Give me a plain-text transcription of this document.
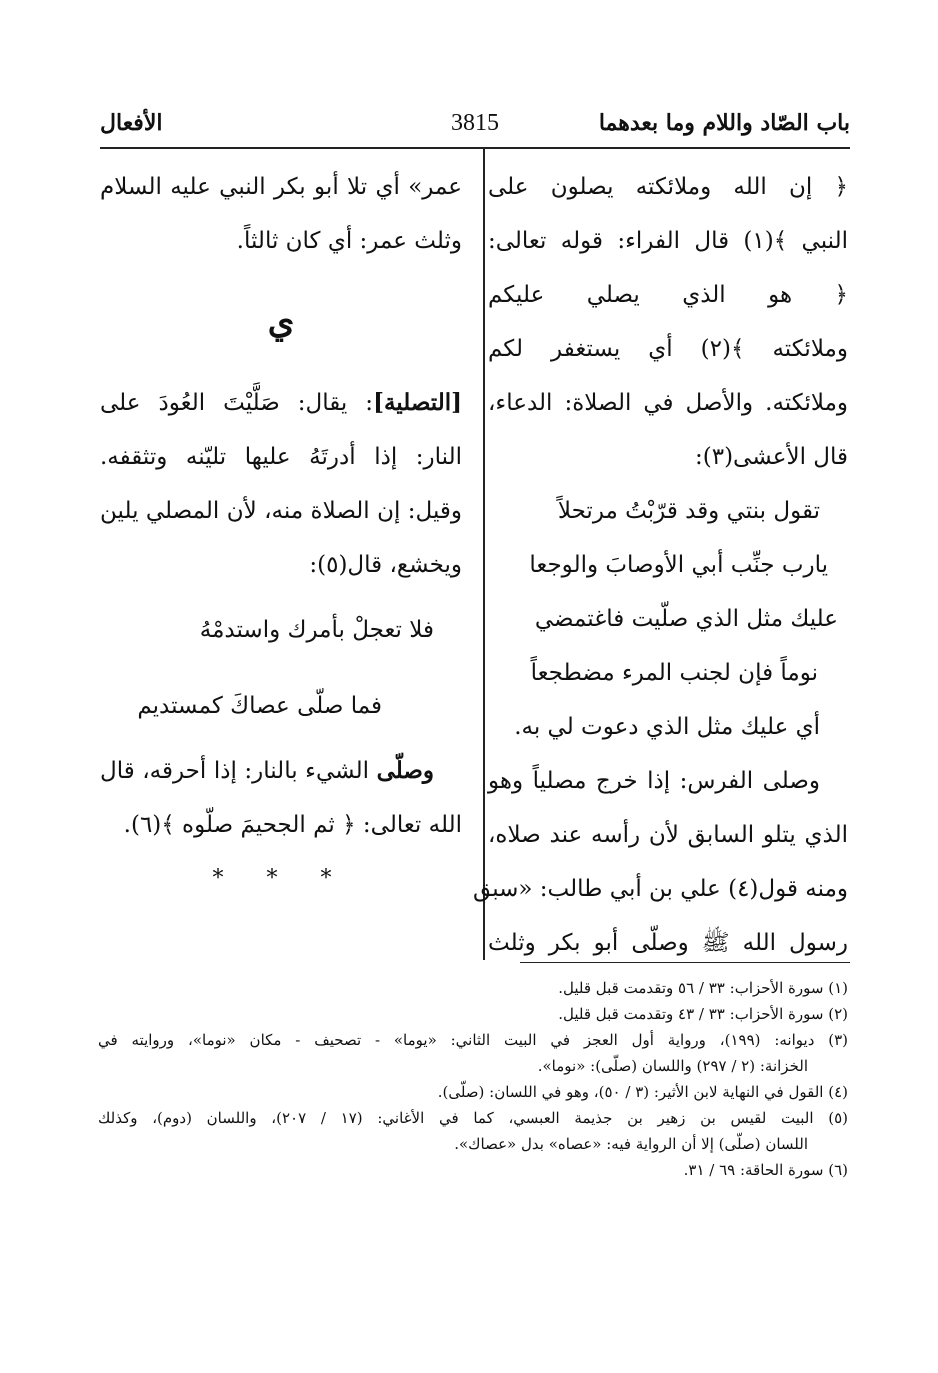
باب الصّاد واللام وما بعدهما
3815
الأفعال
﴿ إن الله وملائكته يصلون على
النبي ﴾(١) قال الفراء: قوله تعالى:
﴿ هو الذي يصلي عليكم
وملائكته ﴾(٢) أي يستغفر لكم
وملائكته. والأصل في الصلاة: الدعاء،
قال الأعشى(٣):
تقول بنتي وقد قرّبْتُ مرتحلاً
يارب جنِّب أبي الأوصابَ والوجعا
عليك مثل الذي صلّيت فاغتمضي
نوماً فإن لجنب المرء مضطجعاً
أي عليك مثل الذي دعوت لي به.
وصلى الفرس: إذا خرج مصلياً وهو
الذي يتلو السابق لأن رأسه عند صلاه،
ومنه قول(٤) علي بن أبي طالب: «سبق
رسول الله ﷺ وصلّى أبو بكر وثلث
عمر» أي تلا أبو بكر النبي عليه السلام
وثلث عمر: أي كان ثالثاً.
ي
[التصلية]: يقال: صَلَّيْتَ العُودَ على
النار: إذا أدرتَهُ عليها تليّنه وتثقفه.
وقيل: إن الصلاة منه، لأن المصلي يلين
ويخشع، قال(٥):
فلا تعجلْ بأمرك واستدمْهُ
فما صلّى عصاكَ كمستديم
وصلّى الشيء بالنار: إذا أحرقه، قال
الله تعالى: ﴿ ثم الجحيمَ صلّوه ﴾(٦).
* * *
(١) سورة الأحزاب: ٣٣ / ٥٦ وتقدمت قبل قليل.
(٢) سورة الأحزاب: ٣٣ / ٤٣ وتقدمت قبل قليل.
(٣) ديوانه: (١٩٩)، ورواية أول العجز في البيت الثاني: «يوما» - تصحيف - مكان «نوما»، وروايته في
الخزانة: (٢ / ٢٩٧) واللسان (صلّى): «نوما».
(٤) القول في النهاية لابن الأثير: (٣ / ٥٠)، وهو في اللسان: (صلّى).
(٥) البيت لقيس بن زهير بن جذيمة العبسي، كما في الأغاني: (١٧ / ٢٠٧)، واللسان (دوم)، وكذلك
اللسان (صلّى) إلا أن الرواية فيه: «عصاه» بدل «عصاك».
(٦) سورة الحاقة: ٦٩ / ٣١.
